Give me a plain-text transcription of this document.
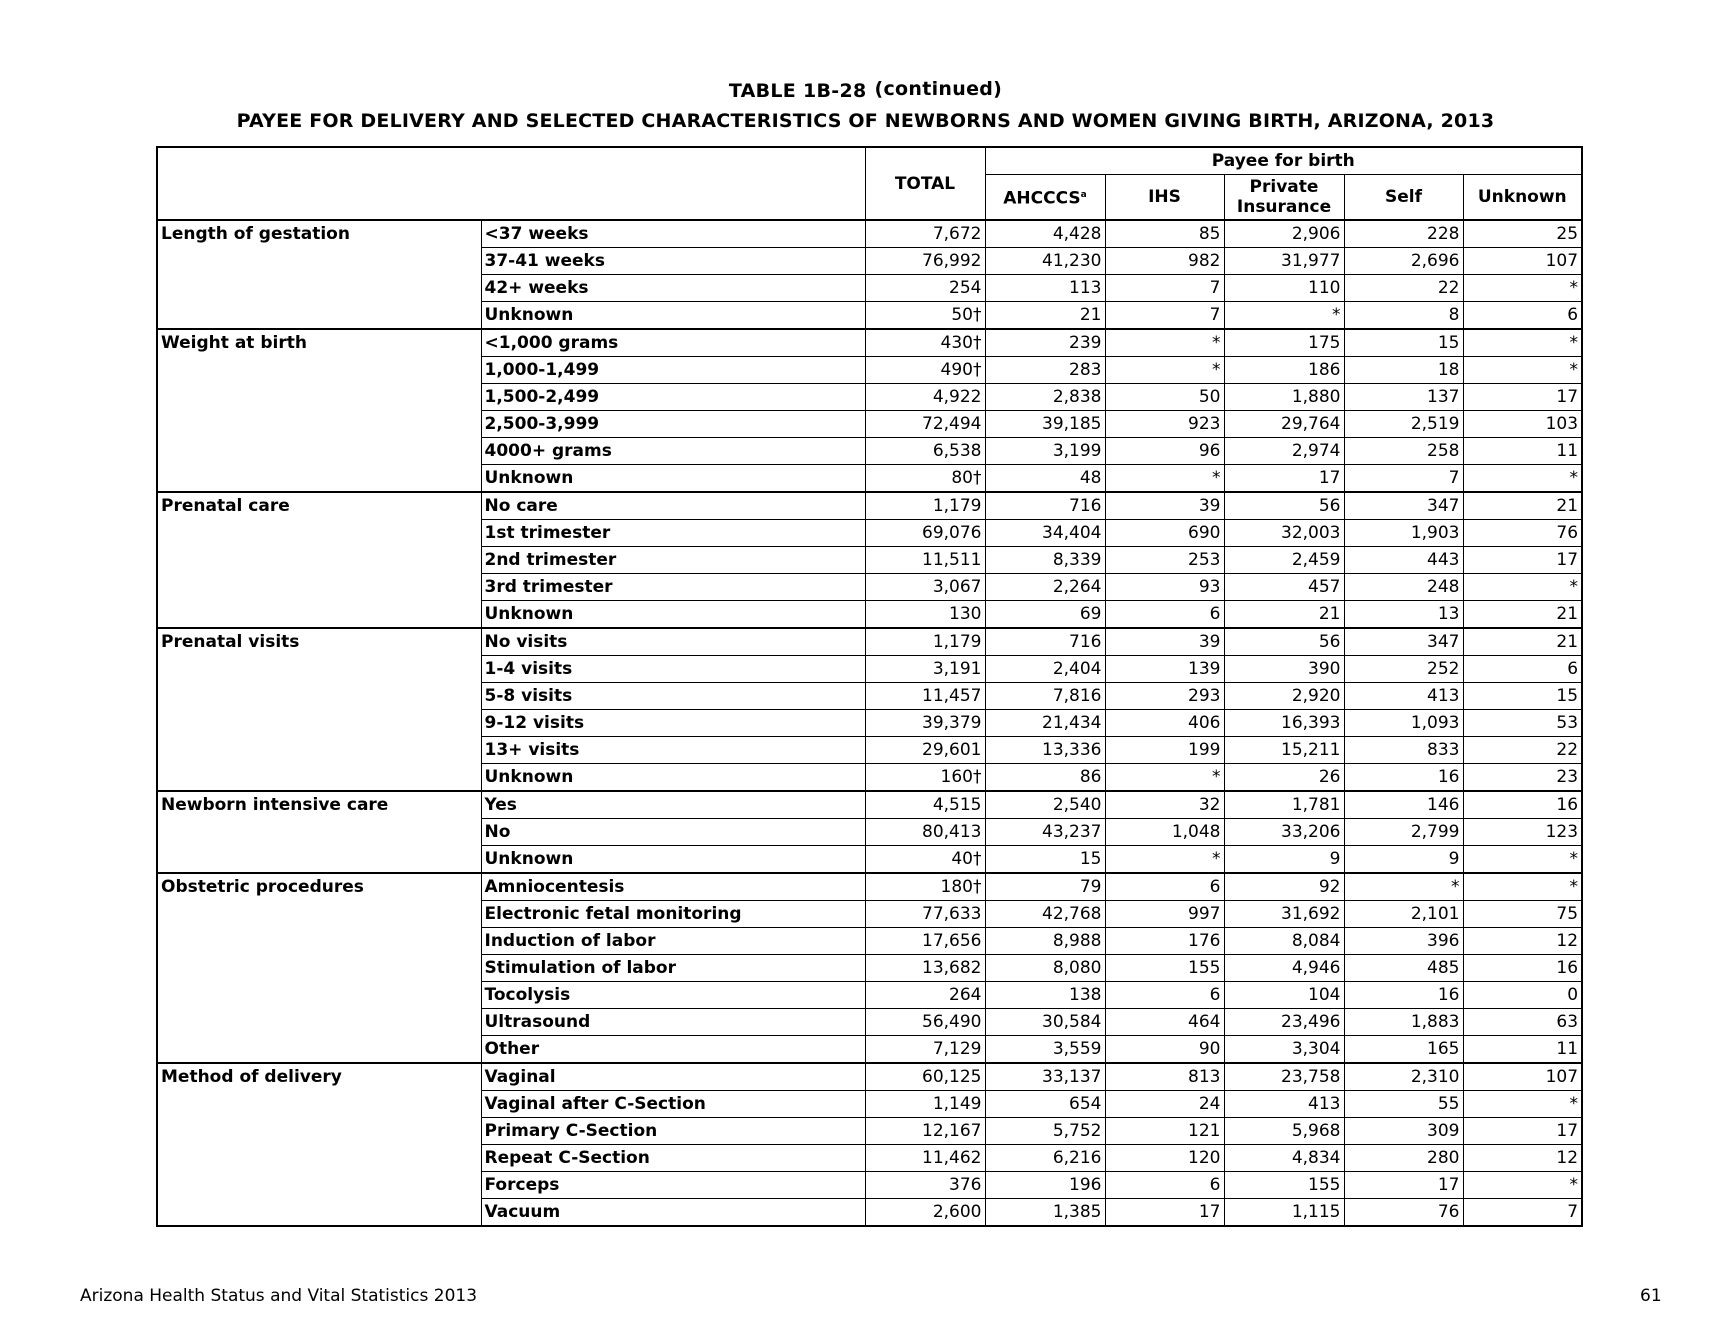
TABLE 1B-28 (continued)
PAYEE FOR DELIVERY AND SELECTED CHARACTERISTICS OF NEWBORNS AND WOMEN GIVING BIRTH, ARIZONA, 2013
		TOTAL	Payee for birth				
			AHCCCS$^a$	IHS	Private Insurance	Self	Unknown
Length of gestation	<37 weeks	7,672	4,428	85	2,906	228	25
	37-41 weeks	76,992	41,230	982	31,977	2,696	107
	42+ weeks	254	113	7	110	22	*
	Unknown	50†	21	7	*	8	6
Weight at birth	<1,000 grams	430†	239	*	175	15	*
	1,000-1,499	490†	283	*	186	18	*
	1,500-2,499	4,922	2,838	50	1,880	137	17
	2,500-3,999	72,494	39,185	923	29,764	2,519	103
	4000+ grams	6,538	3,199	96	2,974	258	11
	Unknown	80†	48	*	17	7	*
Prenatal care	No care	1,179	716	39	56	347	21
	1st trimester	69,076	34,404	690	32,003	1,903	76
	2nd trimester	11,511	8,339	253	2,459	443	17
	3rd trimester	3,067	2,264	93	457	248	*
	Unknown	130	69	6	21	13	21
Prenatal visits	No visits	1,179	716	39	56	347	21
	1-4 visits	3,191	2,404	139	390	252	6
	5-8 visits	11,457	7,816	293	2,920	413	15
	9-12 visits	39,379	21,434	406	16,393	1,093	53
	13+ visits	29,601	13,336	199	15,211	833	22
	Unknown	160†	86	*	26	16	23
Newborn intensive care	Yes	4,515	2,540	32	1,781	146	16
	No	80,413	43,237	1,048	33,206	2,799	123
	Unknown	40†	15	*	9	9	*
Obstetric procedures	Amniocentesis	180†	79	6	92	*	*
	Electronic fetal monitoring	77,633	42,768	997	31,692	2,101	75
	Induction of labor	17,656	8,988	176	8,084	396	12
	Stimulation of labor	13,682	8,080	155	4,946	485	16
	Tocolysis	264	138	6	104	16	0
	Ultrasound	56,490	30,584	464	23,496	1,883	63
	Other	7,129	3,559	90	3,304	165	11
Method of delivery	Vaginal	60,125	33,137	813	23,758	2,310	107
	Vaginal after C-Section	1,149	654	24	413	55	*
	Primary C-Section	12,167	5,752	121	5,968	309	17
	Repeat C-Section	11,462	6,216	120	4,834	280	12
	Forceps	376	196	6	155	17	*
	Vacuum	2,600	1,385	17	1,115	76	7
Arizona Health Status and Vital Statistics 2013	61
